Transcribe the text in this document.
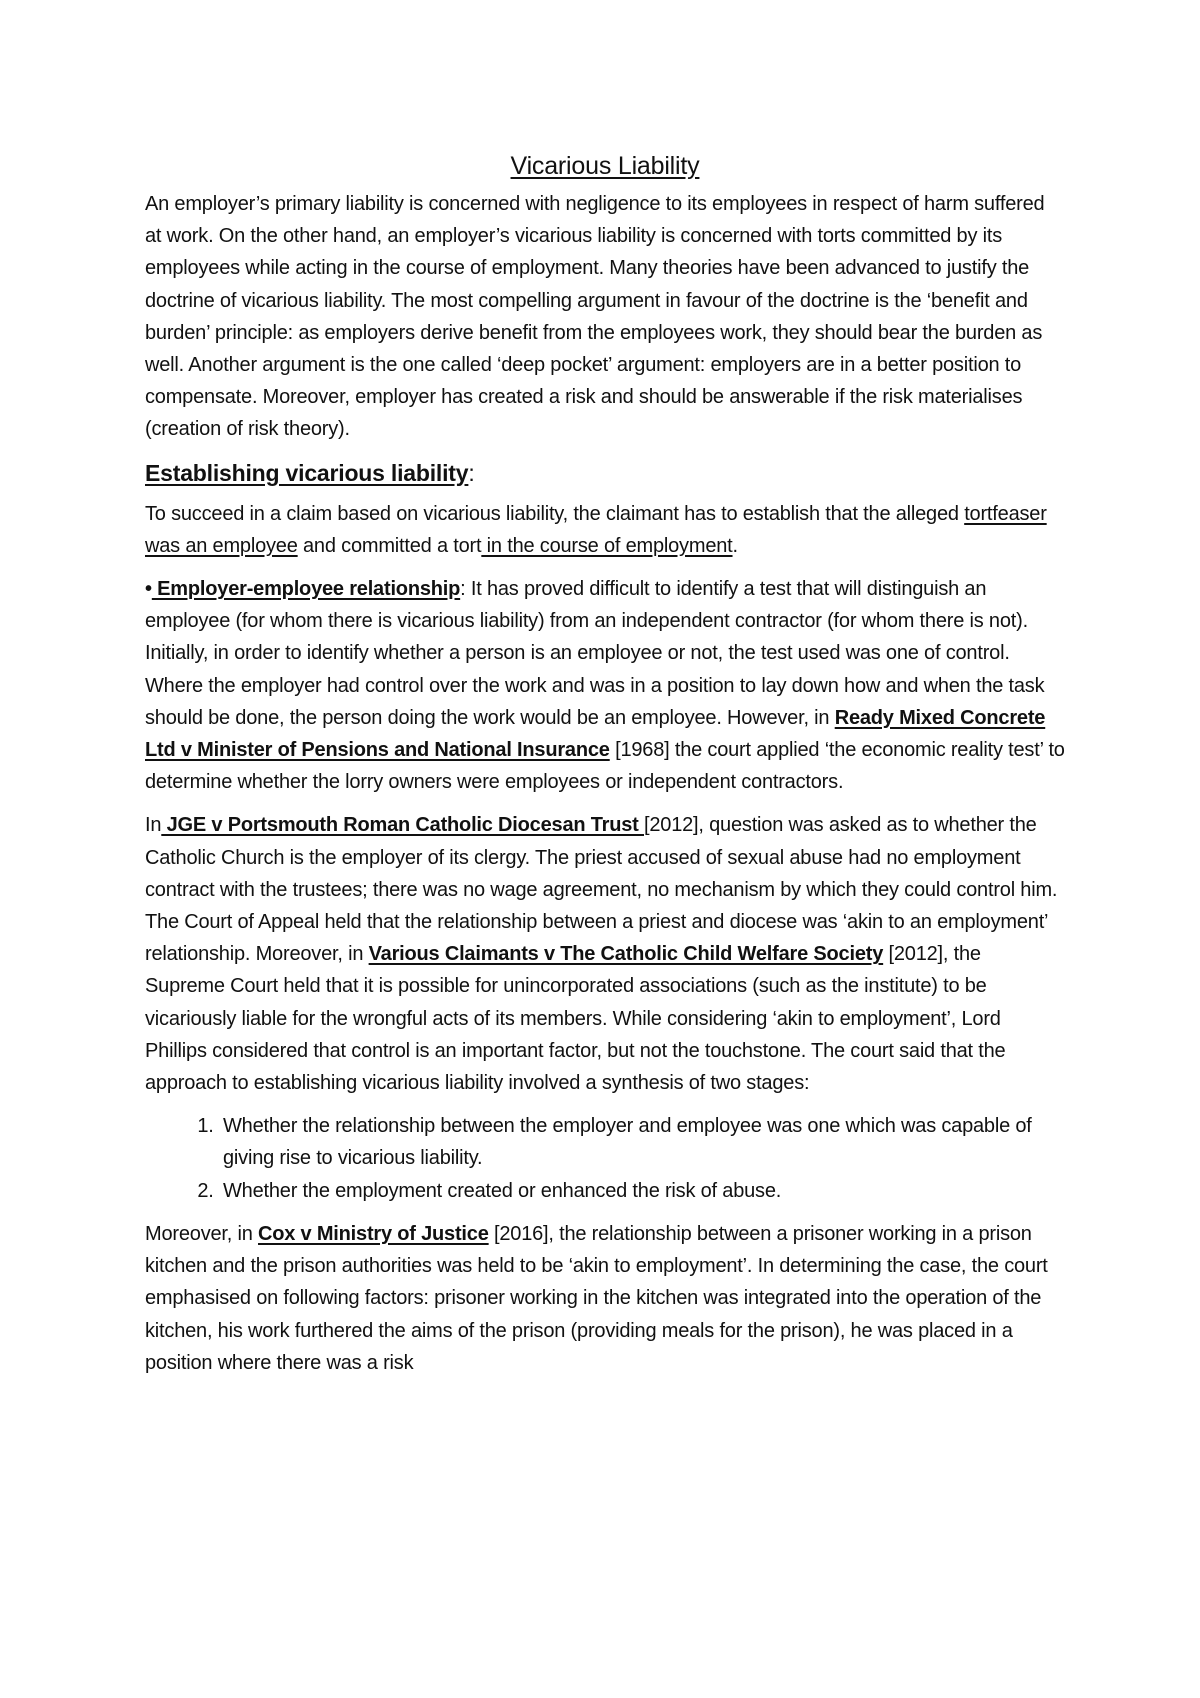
Vicarious Liability

An employer’s primary liability is concerned with negligence to its employees in respect of harm suffered at work. On the other hand, an employer’s vicarious liability is concerned with torts committed by its employees while acting in the course of employment. Many theories have been advanced to justify the doctrine of vicarious liability. The most compelling argument in favour of the doctrine is the ‘benefit and burden’ principle: as employers derive benefit from the employees work, they should bear the burden as well. Another argument is the one called ‘deep pocket’ argument: employers are in a better position to compensate. Moreover, employer has created a risk and should be answerable if the risk materialises (creation of risk theory).

Establishing vicarious liability:

To succeed in a claim based on vicarious liability, the claimant has to establish that the alleged tortfeaser was an employee and committed a tort in the course of employment.

• Employer-employee relationship: It has proved difficult to identify a test that will distinguish an employee (for whom there is vicarious liability) from an independent contractor (for whom there is not). Initially, in order to identify whether a person is an employee or not, the test used was one of control. Where the employer had control over the work and was in a position to lay down how and when the task should be done, the person doing the work would be an employee. However, in Ready Mixed Concrete Ltd v Minister of Pensions and National Insurance [1968] the court applied ‘the economic reality test’ to determine whether the lorry owners were employees or independent contractors.

In JGE v Portsmouth Roman Catholic Diocesan Trust [2012], question was asked as to whether the Catholic Church is the employer of its clergy. The priest accused of sexual abuse had no employment contract with the trustees; there was no wage agreement, no mechanism by which they could control him. The Court of Appeal held that the relationship between a priest and diocese was ‘akin to an employment’ relationship. Moreover, in Various Claimants v The Catholic Child Welfare Society [2012], the Supreme Court held that it is possible for unincorporated associations (such as the institute) to be vicariously liable for the wrongful acts of its members. While considering ‘akin to employment’, Lord Phillips considered that control is an important factor, but not the touchstone. The court said that the approach to establishing vicarious liability involved a synthesis of two stages:

1. Whether the relationship between the employer and employee was one which was capable of giving rise to vicarious liability.
2. Whether the employment created or enhanced the risk of abuse.

Moreover, in Cox v Ministry of Justice [2016], the relationship between a prisoner working in a prison kitchen and the prison authorities was held to be ‘akin to employment’. In determining the case, the court emphasised on following factors: prisoner working in the kitchen was integrated into the operation of the kitchen, his work furthered the aims of the prison (providing meals for the prison), he was placed in a position where there was a risk
